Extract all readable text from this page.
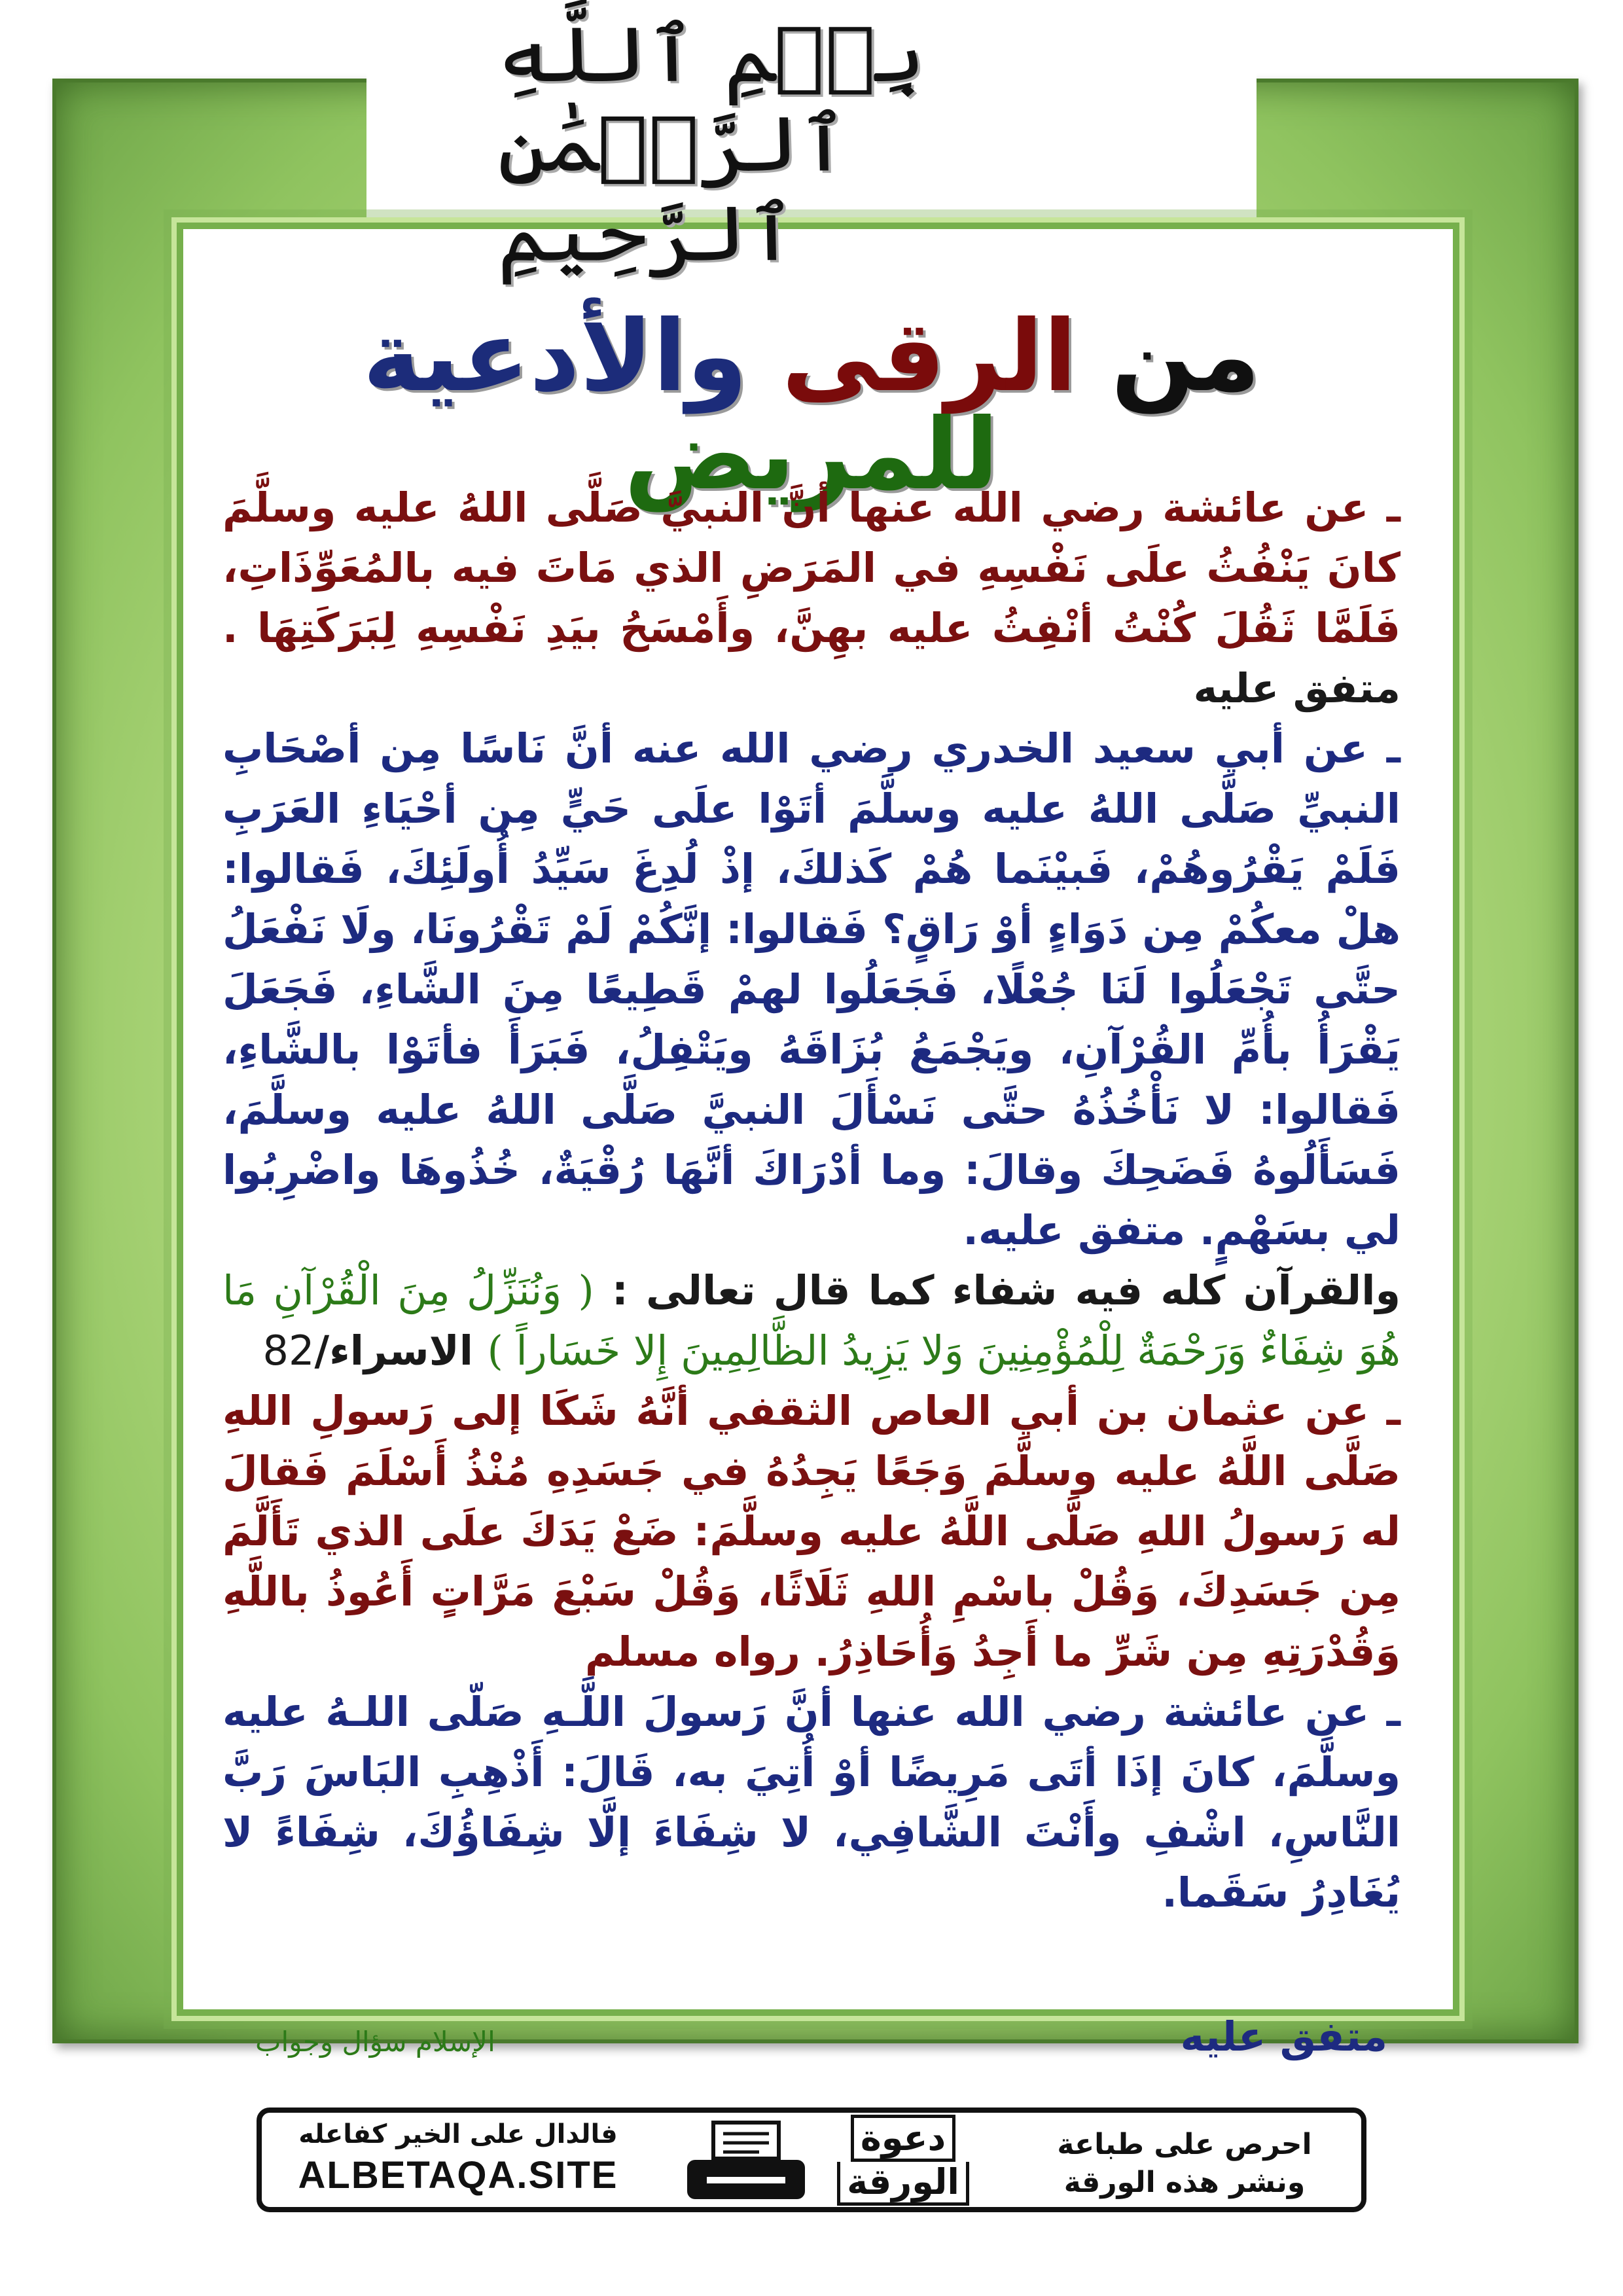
بِسۡمِ ٱللَّهِ ٱلرَّحۡمَٰنِ ٱلرَّحِيمِ
من الرقى والأدعية للمريض

ـ عن عائشة رضي الله عنها أنَّ النبيَّ صَلَّى اللهُ عليه وسلَّمَ كانَ يَنْفُثُ علَى نَفْسِهِ في المَرَضِ الذي مَاتَ فيه بالمُعَوِّذَاتِ، فَلَمَّا ثَقُلَ كُنْتُ أنْفِثُ عليه بهِنَّ، وأَمْسَحُ بيَدِ نَفْسِهِ لِبَرَكَتِهَا . متفق عليه

ـ عن أبي سعيد الخدري رضي الله عنه أنَّ نَاسًا مِن أصْحَابِ النبيِّ صَلَّى اللهُ عليه وسلَّمَ أتَوْا علَى حَيٍّ مِن أحْيَاءِ العَرَبِ فَلَمْ يَقْرُوهُمْ، فَبيْنَما هُمْ كَذلكَ، إذْ لُدِغَ سَيِّدُ أُولَئِكَ، فَقالوا: هلْ معكُمْ مِن دَوَاءٍ أوْ رَاقٍ؟ فَقالوا: إنَّكُمْ لَمْ تَقْرُونَا، ولَا نَفْعَلُ حتَّى تَجْعَلُوا لَنَا جُعْلًا، فَجَعَلُوا لهمْ قَطِيعًا مِنَ الشَّاءِ، فَجَعَلَ يَقْرَأُ بأُمِّ القُرْآنِ، ويَجْمَعُ بُزَاقَهُ ويَتْفِلُ، فَبَرَأَ فأتَوْا بالشَّاءِ، فَقالوا: لا نَأْخُذُهُ حتَّى نَسْأَلَ النبيَّ صَلَّى اللهُ عليه وسلَّمَ، فَسَأَلُوهُ فَضَحِكَ وقالَ: وما أدْرَاكَ أنَّهَا رُقْيَةٌ، خُذُوهَا واضْرِبُوا لي بسَهْمٍ. متفق عليه.

والقرآن كله فيه شفاء كما قال تعالى : ( وَنُنَزِّلُ مِنَ الْقُرْآنِ مَا هُوَ شِفَاءٌ وَرَحْمَةٌ لِلْمُؤْمِنِينَ وَلا يَزِيدُ الظَّالِمِينَ إِلا خَسَاراً ) الاسراء/82

ـ عن عثمان بن أبي العاص الثقفي أنَّهُ شَكَا إلى رَسولِ اللهِ صَلَّى اللَّهُ عليه وسلَّمَ وَجَعًا يَجِدُهُ في جَسَدِهِ مُنْذُ أَسْلَمَ فَقالَ له رَسولُ اللهِ صَلَّى اللَّهُ عليه وسلَّمَ: ضَعْ يَدَكَ علَى الذي تَأَلَّمَ مِن جَسَدِكَ، وَقُلْ باسْمِ اللهِ ثَلَاثًا، وَقُلْ سَبْعَ مَرَّاتٍ أَعُوذُ باللَّهِ وَقُدْرَتِهِ مِن شَرِّ ما أَجِدُ وَأُحَاذِرُ. رواه مسلم

ـ عن عائشة رضي الله عنها أنَّ رَسولَ اللَّـهِ صَلّى اللـهُ عليه وسلَّمَ، كانَ إذَا أتَى مَرِيضًا أوْ أُتِيَ به، قَالَ: أَذْهِبِ البَاسَ رَبَّ النَّاسِ، اشْفِ وأَنْتَ الشَّافِي، لا شِفَاءَ إلَّا شِفَاؤُكَ، شِفَاءً لا يُغَادِرُ سَقَما.

متفق عليه
الإسلام سؤال وجواب
فالدال على الخير كفاعله
ALBETAQA.SITE
دعوة
الورقة
احرص على طباعة
ونشر هذه الورقة
